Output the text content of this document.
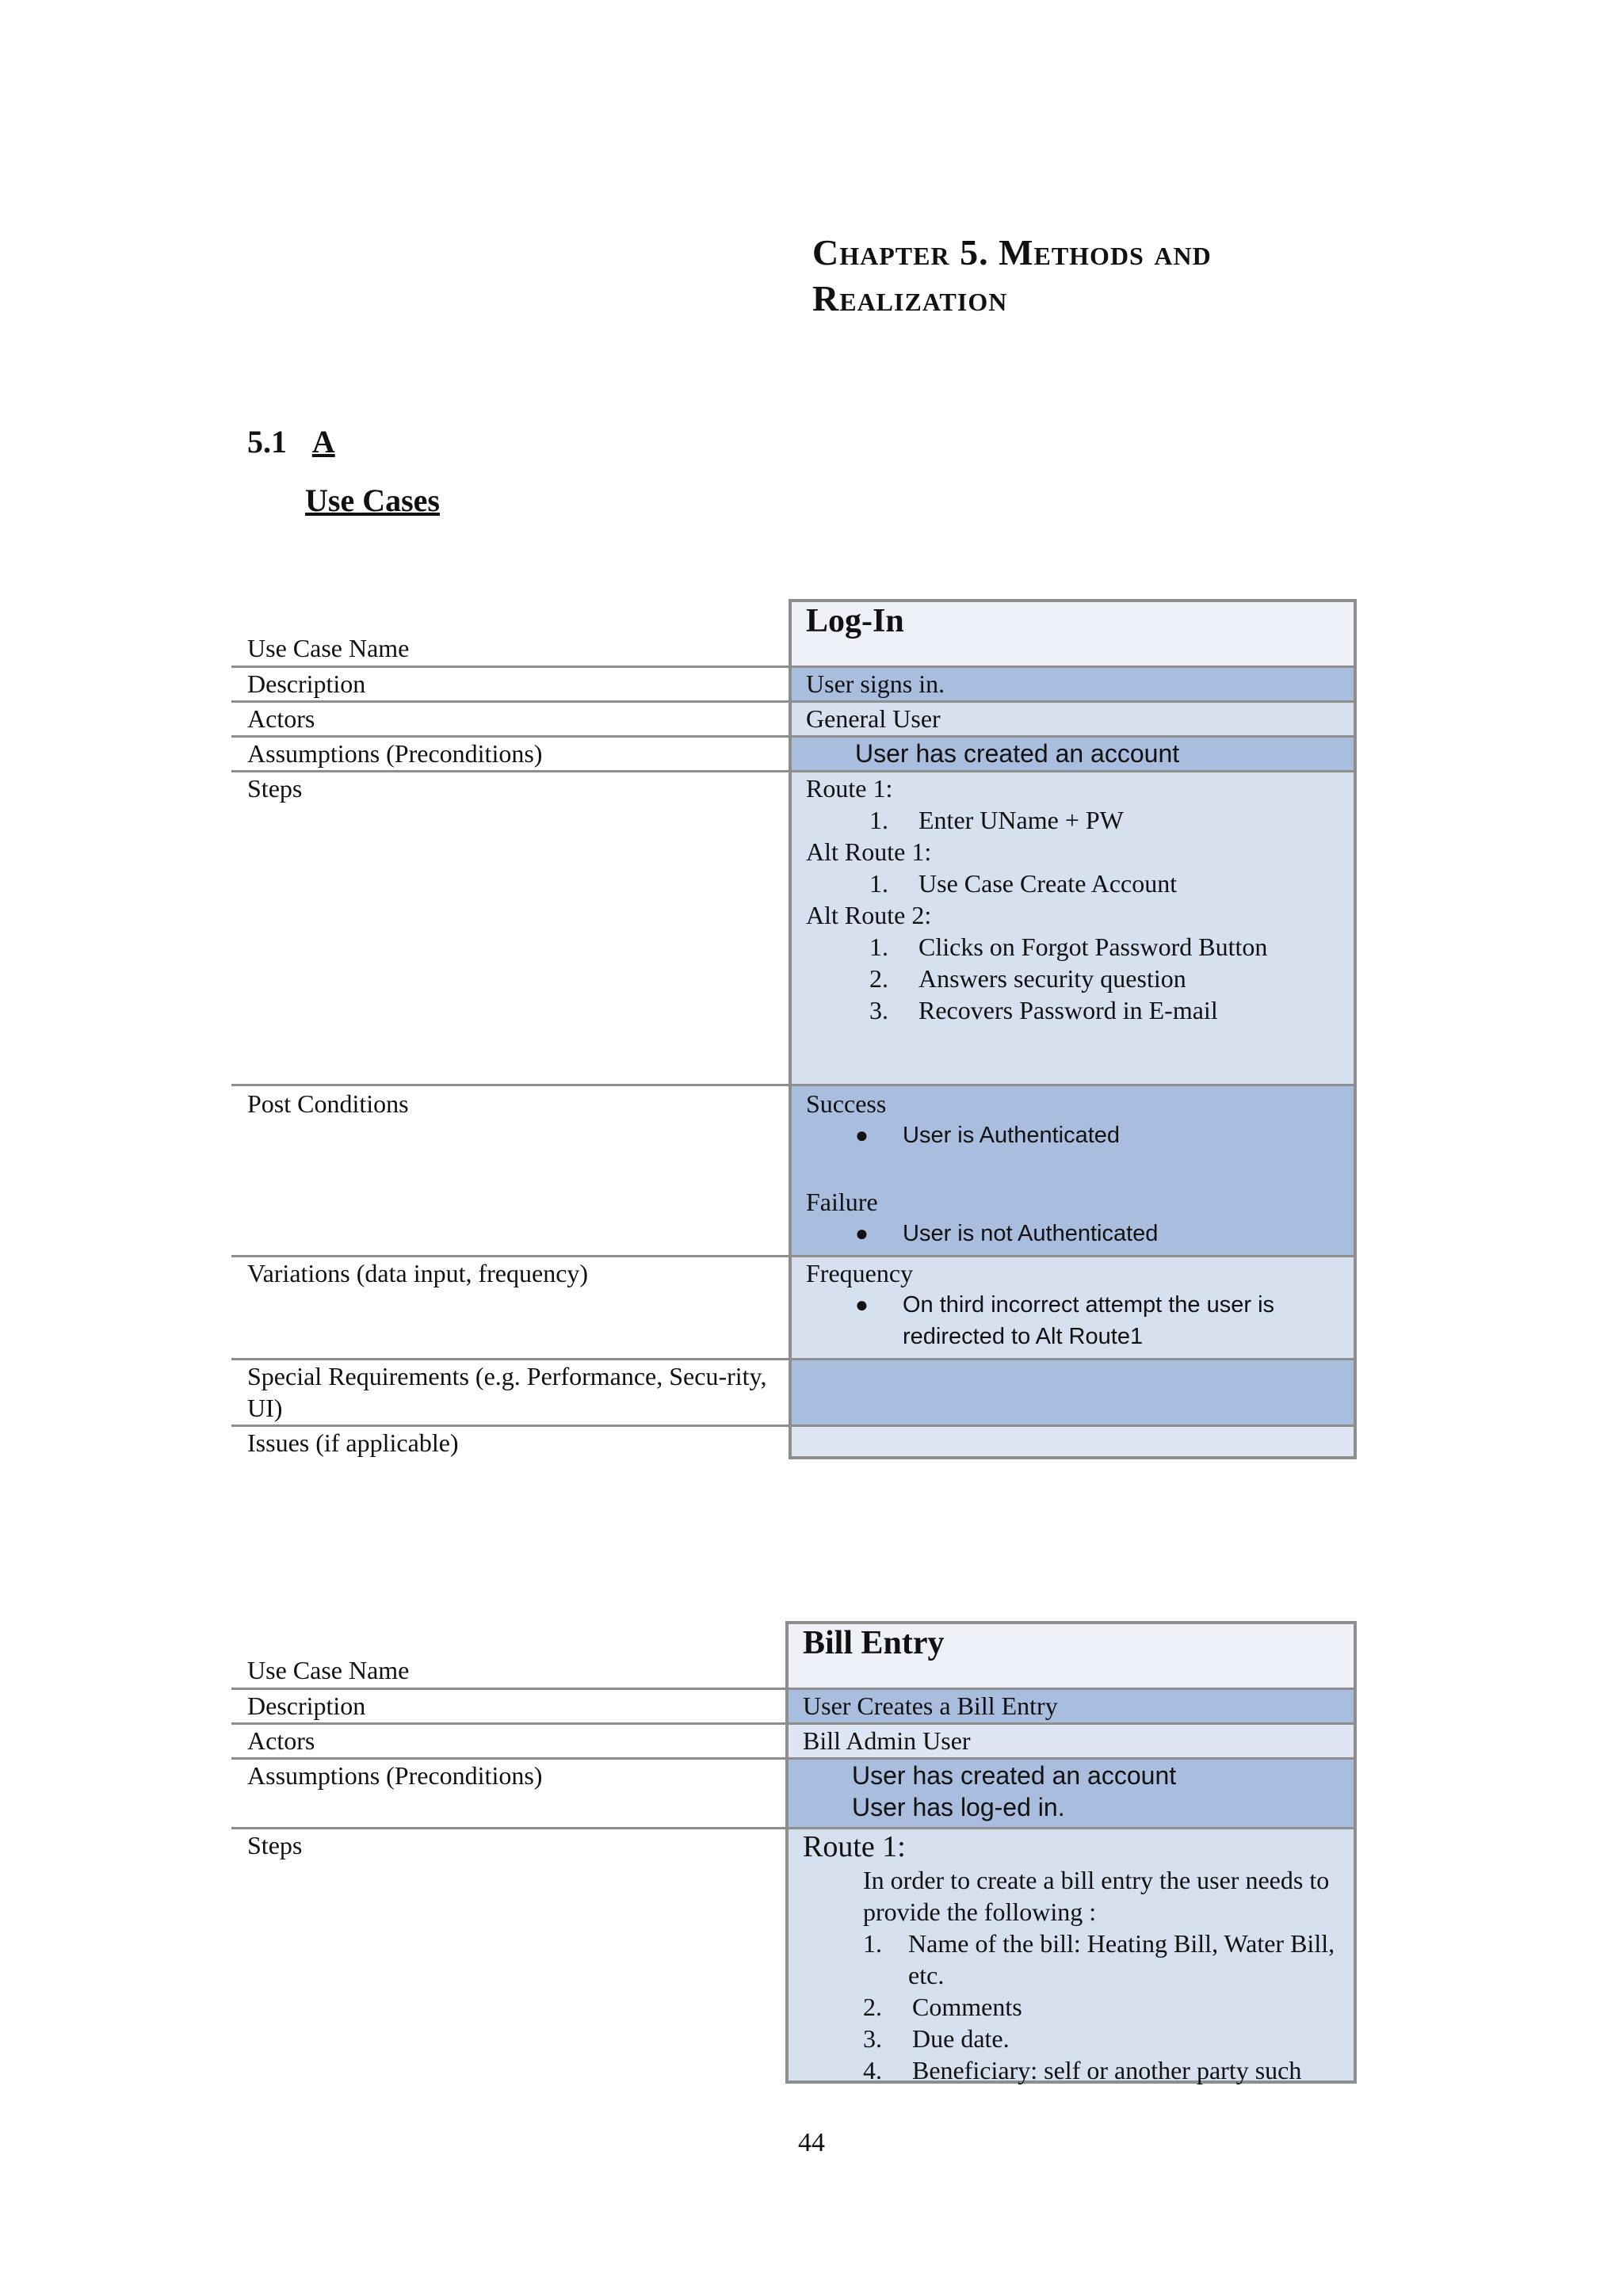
Chapter 5. Methods and
Realization
5.1 A
Use Cases
Use Case Name
Log-In
Description	User signs in.
Actors	General User
Assumptions (Preconditions)	User has created an account
Steps	Route 1:
1.	Enter UName + PW
Alt Route 1:
1.	Use Case Create Account
Alt Route 2:
1.	Clicks on Forgot Password Button
2.	Answers security question
3.	Recovers Password in E-mail
Post Conditions	Success
●	User is Authenticated
Failure
●	User is not Authenticated
Variations (data input, frequency)	Frequency
●	On third incorrect attempt the user is redirected to Alt Route1
Special Requirements (e.g. Performance, Secu-rity, UI)
Issues (if applicable)
Use Case Name
Bill Entry
Description	User Creates a Bill Entry
Actors	Bill Admin User
Assumptions (Preconditions)	User has created an account
User has log-ed in.
Steps	Route 1:
In order to create a bill entry the user needs to provide the following :
1.	Name of the bill: Heating Bill, Water Bill, etc.
2.	Comments
3.	Due date.
4.	Beneficiary: self or another party such
44
